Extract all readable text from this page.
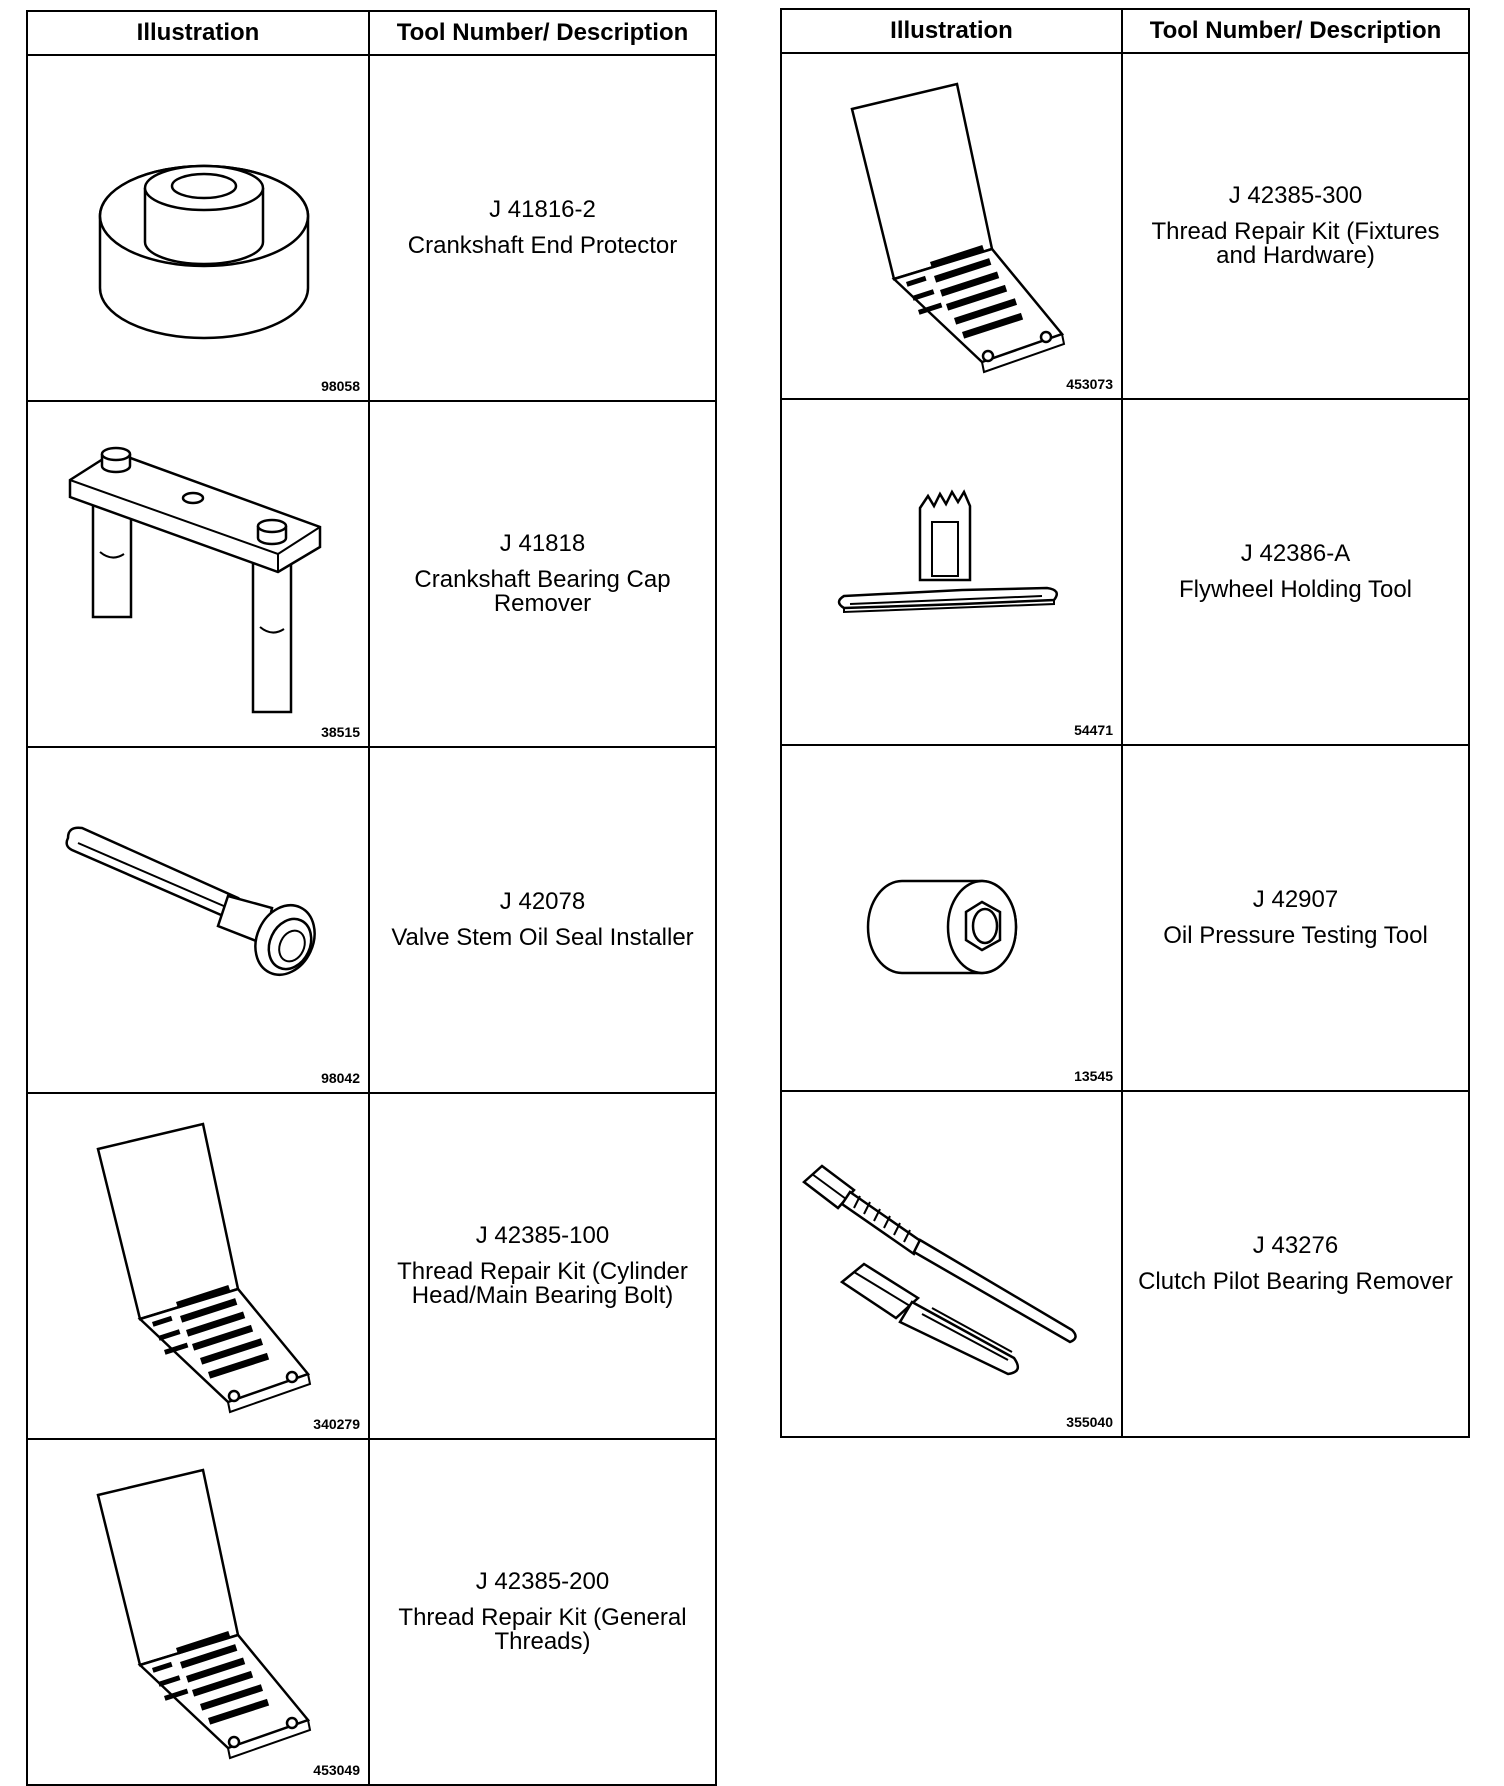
Illustration	Tool Number/ Description

98058	J 41816-2
Crankshaft End Protector

38515	J 41818
Crankshaft Bearing Cap Remover

98042	J 42078
Valve Stem Oil Seal Installer

340279	J 42385-100
Thread Repair Kit (Cylinder Head/Main Bearing Bolt)

453049	J 42385-200
Thread Repair Kit (General Threads)
Illustration	Tool Number/ Description

453073	J 42385-300
Thread Repair Kit (Fixtures and Hardware)

54471	J 42386-A
Flywheel Holding Tool

13545	J 42907
Oil Pressure Testing Tool

355040	J 43276
Clutch Pilot Bearing Remover
